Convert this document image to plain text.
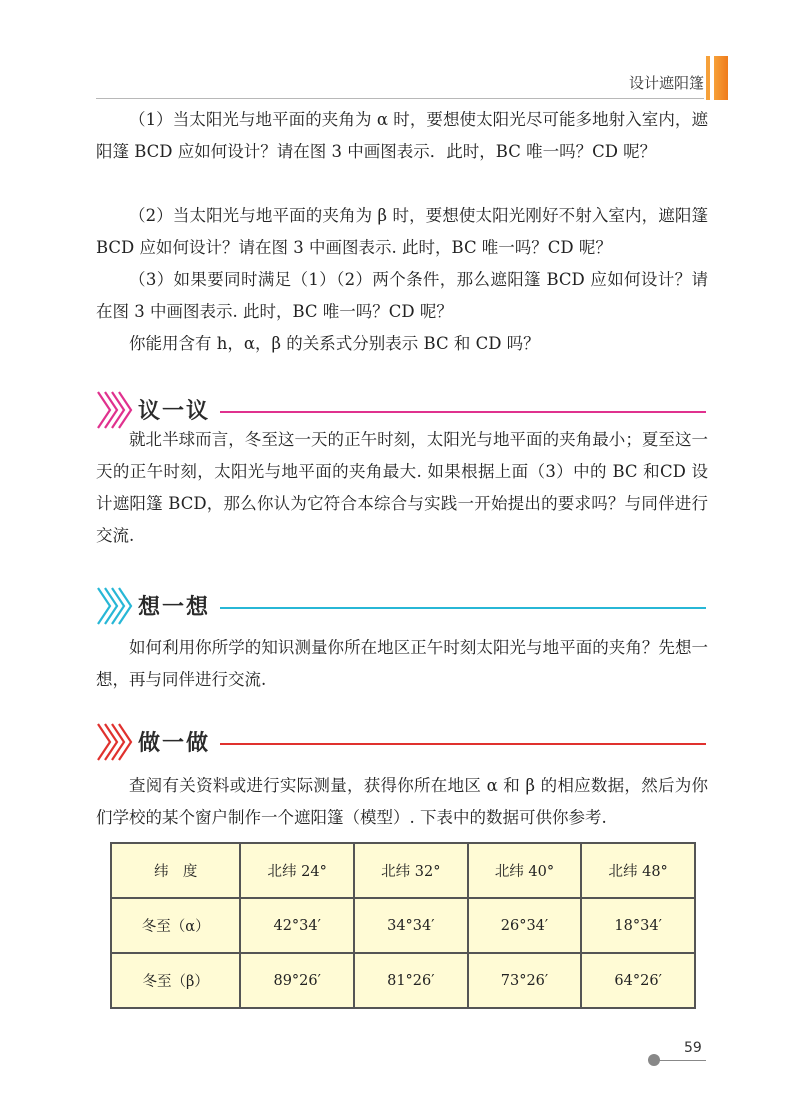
设计遮阳篷

（1）当太阳光与地平面的夹角为 α 时，要想使太阳光尽可能多地射入室内，遮阳篷 BCD 应如何设计？请在图 3 中画图表示．此时，BC 唯一吗？CD 呢？

（2）当太阳光与地平面的夹角为 β 时，要想使太阳光刚好不射入室内，遮阳篷 BCD 应如何设计？请在图 3 中画图表示. 此时，BC 唯一吗？CD 呢？

（3）如果要同时满足（1）（2）两个条件，那么遮阳篷 BCD 应如何设计？请在图 3 中画图表示. 此时，BC 唯一吗？CD 呢？

你能用含有 h，α，β 的关系式分别表示 BC 和 CD 吗？

议一议

就北半球而言，冬至这一天的正午时刻，太阳光与地平面的夹角最小；夏至这一天的正午时刻，太阳光与地平面的夹角最大. 如果根据上面（3）中的 BC 和CD 设计遮阳篷 BCD，那么你认为它符合本综合与实践一开始提出的要求吗？与同伴进行交流.

想一想

如何利用你所学的知识测量你所在地区正午时刻太阳光与地平面的夹角？先想一想，再与同伴进行交流.

做一做

查阅有关资料或进行实际测量，获得你所在地区 α 和 β 的相应数据，然后为你们学校的某个窗户制作一个遮阳篷（模型）. 下表中的数据可供你参考.

纬　度	北纬 24°	北纬 32°	北纬 40°	北纬 48°
冬至（α）	42°34′	34°34′	26°34′	18°34′
冬至（β）	89°26′	81°26′	73°26′	64°26′
59
